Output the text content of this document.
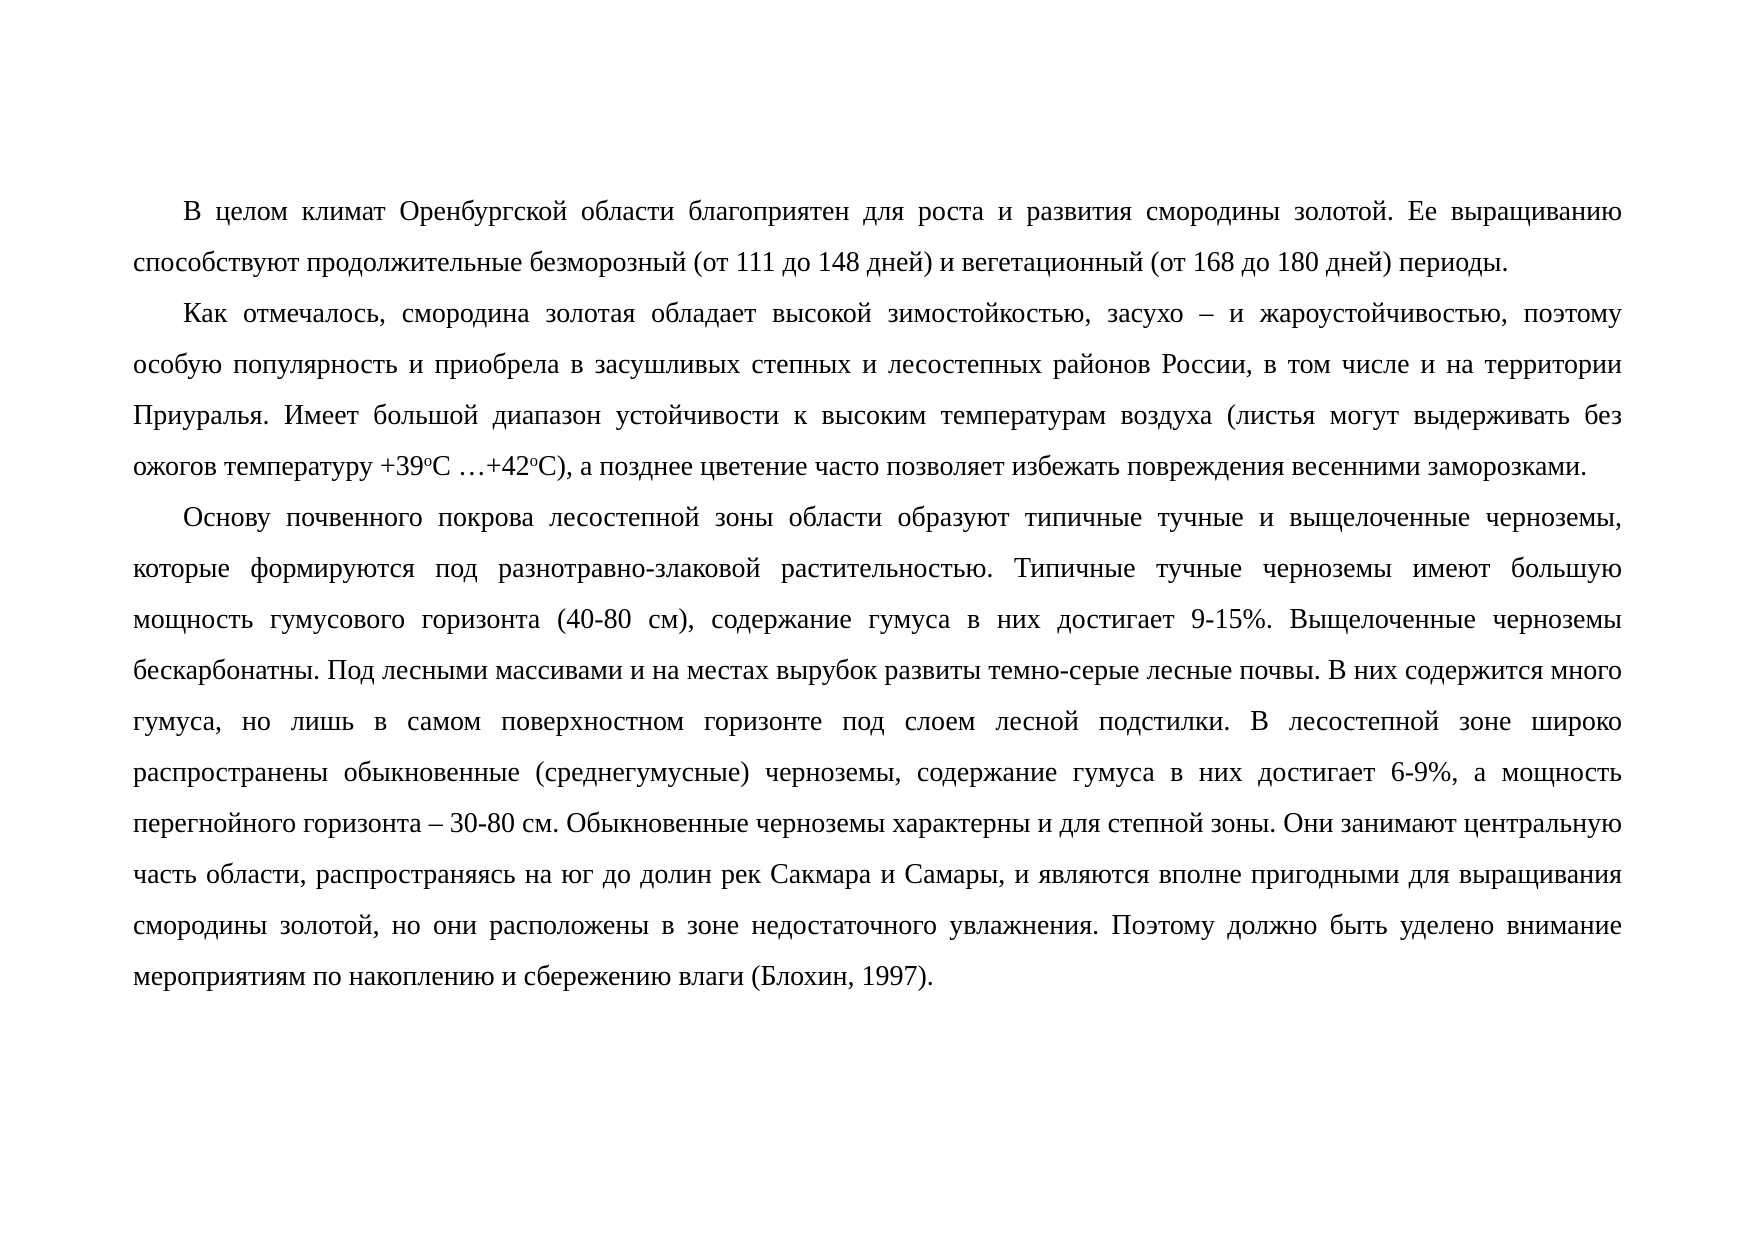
В целом климат Оренбургской области благоприятен для роста и развития смородины золотой. Ее выращиванию способствуют продолжительные безморозный (от 111 до 148 дней) и вегетационный (от 168 до 180 дней) периоды.

Как отмечалось, смородина золотая обладает высокой зимостойкостью, засухо – и жароустойчивостью, поэтому особую популярность и приобрела в засушливых степных и лесостепных районов России, в том числе и на территории Приуралья. Имеет большой диапазон устойчивости к высоким температурам воздуха (листья могут выдерживать без ожогов температуру $+39^оС$ $\dots+42^оС$), а позднее цветение часто позволяет избежать повреждения весенними заморозками.

Основу почвенного покрова лесостепной зоны области образуют типичные тучные и выщелоченные черноземы, которые формируются под разнотравно-злаковой растительностью. Типичные тучные черноземы имеют большую мощность гумусового горизонта (40-80 см), содержание гумуса в них достигает 9-15%. Выщелоченные черноземы бескарбонатны. Под лесными массивами и на местах вырубок развиты темно-серые лесные почвы. В них содержится много гумуса, но лишь в самом поверхностном горизонте под слоем лесной подстилки. В лесостепной зоне широко распространены обыкновенные (среднегумусные) черноземы, содержание гумуса в них достигает 6-9%, а мощность перегнойного горизонта – 30-80 см. Обыкновенные черноземы характерны и для степной зоны. Они занимают центральную часть области, распространяясь на юг до долин рек Сакмара и Самары, и являются вполне пригодными для выращивания смородины золотой, но они расположены в зоне недостаточного увлажнения. Поэтому должно быть уделено внимание мероприятиям по накоплению и сбережению влаги (Блохин, 1997).
